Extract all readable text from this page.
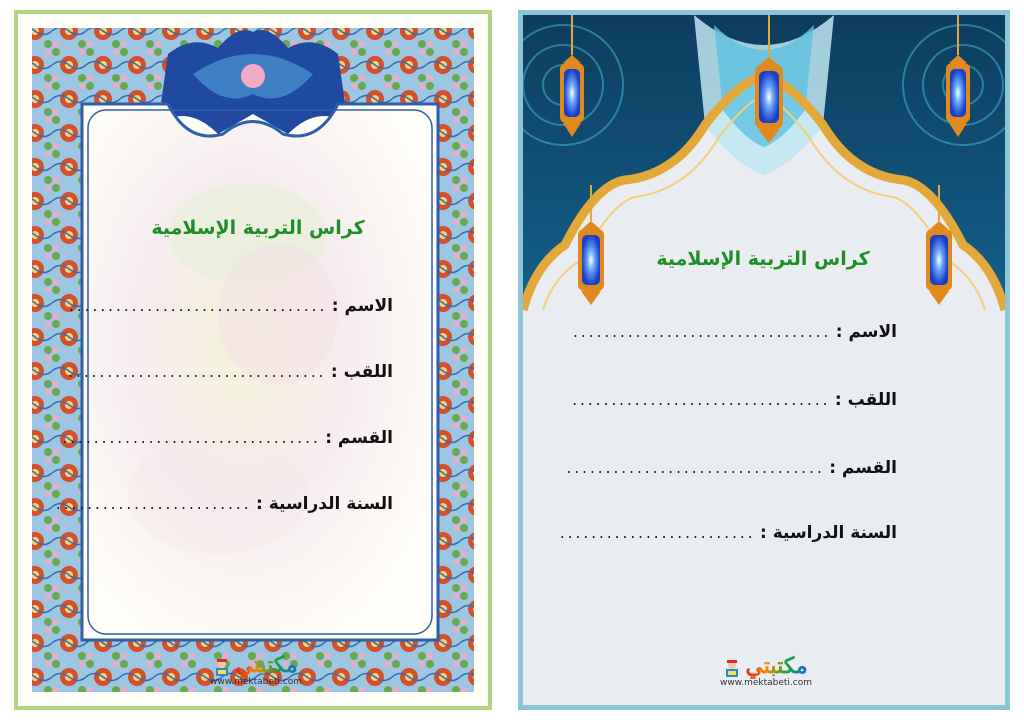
كراس التربية الإسلامية
الاسم : .................................
اللقب : .................................
القسم : .................................
السنة الدراسية : .........................
مكتبتي
www.mektabeti.com
كراس التربية الإسلامية
الاسم : .................................
اللقب : .................................
القسم : .................................
السنة الدراسية : .........................
مكتبتي
www.mektabeti.com
